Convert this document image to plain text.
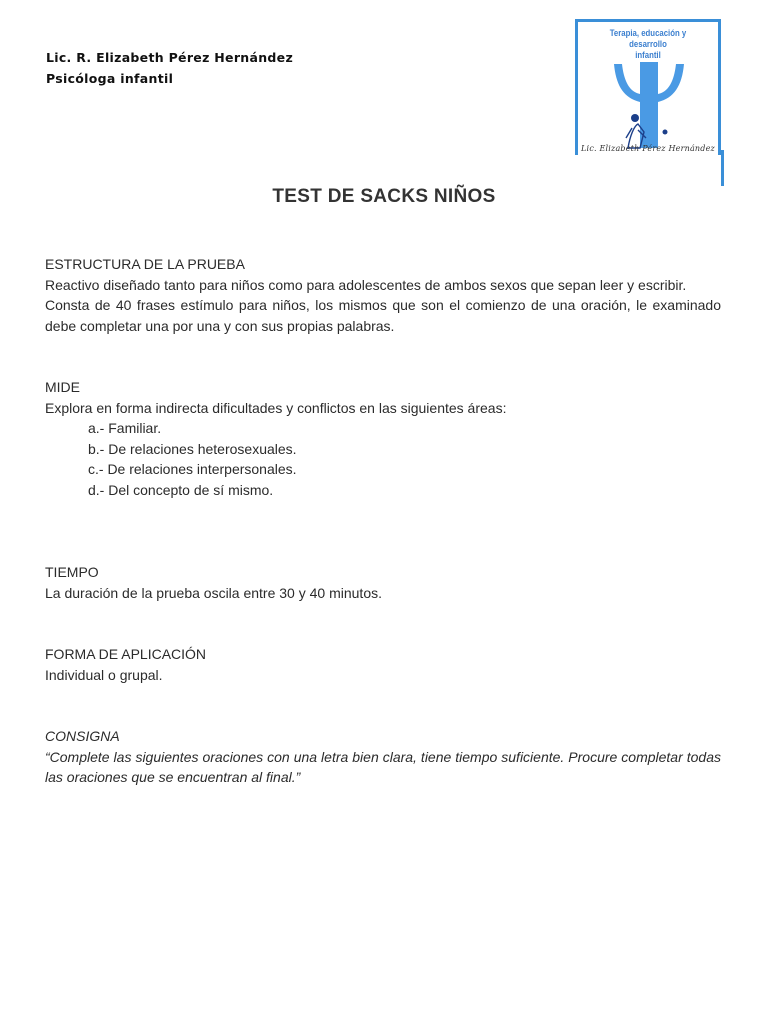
Lic. R. Elizabeth Pérez Hernández
Psicóloga infantil
Terapia, educación y desarrollo
infantil
Lic. Elizabeth Pérez Hernández
TEST DE SACKS NIÑOS

ESTRUCTURA DE LA PRUEBA

Reactivo diseñado tanto para niños como para adolescentes de ambos sexos que sepan leer y escribir.

Consta de 40 frases estímulo para niños, los mismos que son el comienzo de una oración, le examinado debe completar una por una y con sus propias palabras.

MIDE

Explora en forma indirecta dificultades y conflictos en las siguientes áreas:

a.- Familiar.
b.- De relaciones heterosexuales.
c.- De relaciones interpersonales.
d.- Del concepto de sí mismo.

TIEMPO

La duración de la prueba oscila entre 30 y 40 minutos.

FORMA DE APLICACIÓN

Individual o grupal.

CONSIGNA

“Complete las siguientes oraciones con una letra bien clara, tiene tiempo suficiente. Procure completar todas las oraciones que se encuentran al final.”
